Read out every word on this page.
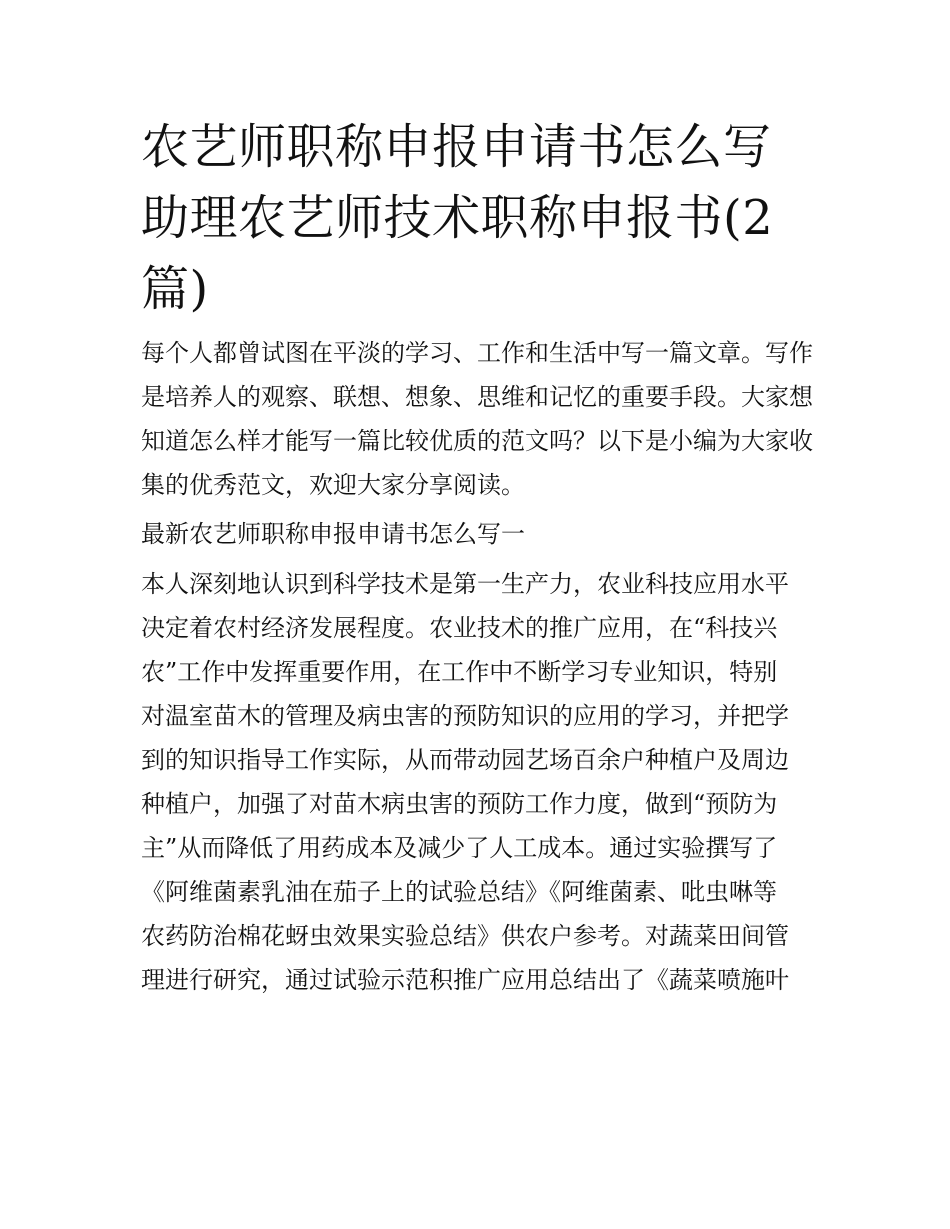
农艺师职称申报申请书怎么写助理农艺师技术职称申报书(2篇)

每个人都曾试图在平淡的学习、工作和生活中写一篇文章。写作是培养人的观察、联想、想象、思维和记忆的重要手段。大家想知道怎么样才能写一篇比较优质的范文吗？以下是小编为大家收集的优秀范文，欢迎大家分享阅读。

最新农艺师职称申报申请书怎么写一

本人深刻地认识到科学技术是第一生产力，农业科技应用水平
决定着农村经济发展程度。农业技术的推广应用，在“科技兴
农”工作中发挥重要作用，在工作中不断学习专业知识，特别
对温室苗木的管理及病虫害的预防知识的应用的学习，并把学
到的知识指导工作实际，从而带动园艺场百余户种植户及周边
种植户，加强了对苗木病虫害的预防工作力度，做到“预防为
主”从而降低了用药成本及减少了人工成本。通过实验撰写了
《阿维菌素乳油在茄子上的试验总结》《阿维菌素、吡虫啉等
农药防治棉花蚜虫效果实验总结》供农户参考。对蔬菜田间管
理进行研究，通过试验示范积推广应用总结出了《蔬菜喷施叶
